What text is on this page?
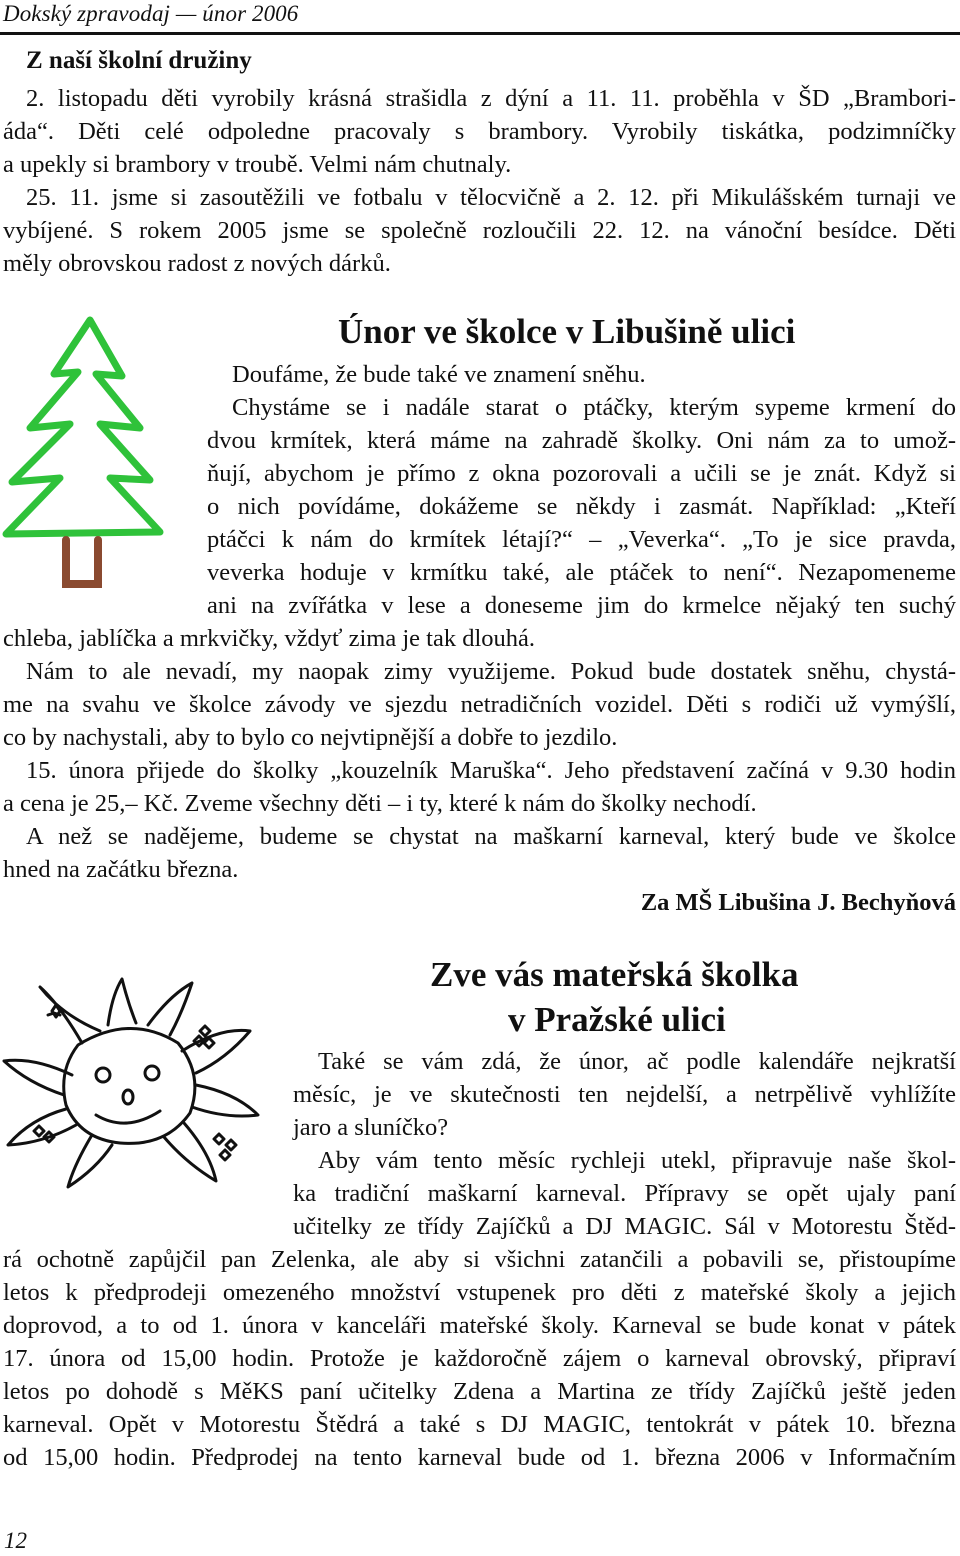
Dokský zpravodaj — únor 2006
Z naší školní družiny
2. listopadu děti vyrobily krásná strašidla z dýní a 11. 11. proběhla v ŠD „Brambori-
áda“. Děti celé odpoledne pracovaly s brambory. Vyrobily tiskátka, podzimníčky
a upekly si brambory v troubě. Velmi nám chutnaly.
25. 11. jsme si zasoutěžili ve fotbalu v tělocvičně a 2. 12. při Mikulášském turnaji ve
vybíjené. S rokem 2005 jsme se společně rozloučili 22. 12. na vánoční besídce. Děti
měly obrovskou radost z nových dárků.
Únor ve školce v Libušině ulici
Doufáme, že bude také ve znamení sněhu.
Chystáme se i nadále starat o ptáčky, kterým sypeme krmení do
dvou krmítek, která máme na zahradě školky. Oni nám za to umož-
ňují, abychom je přímo z okna pozorovali a učili se je znát. Když si
o nich povídáme, dokážeme se někdy i zasmát. Například: „Kteří
ptáčci k nám do krmítek létají?“ – „Veverka“. „To je sice pravda,
veverka hoduje v krmítku také, ale ptáček to není“. Nezapomeneme
ani na zvířátka v lese a doneseme jim do krmelce nějaký ten suchý
chleba, jablíčka a mrkvičky, vždyť zima je tak dlouhá.
Nám to ale nevadí, my naopak zimy využijeme. Pokud bude dostatek sněhu, chystá-
me na svahu ve školce závody ve sjezdu netradičních vozidel. Děti s rodiči už vymýšlí,
co by nachystali, aby to bylo co nejvtipnější a dobře to jezdilo.
15. února přijede do školky „kouzelník Maruška“. Jeho představení začíná v 9.30 hodin
a cena je 25,– Kč. Zveme všechny děti – i ty, které k nám do školky nechodí.
A než se nadějeme, budeme se chystat na maškarní karneval, který bude ve školce
hned na začátku března.
Za MŠ Libušina J. Bechyňová
Zve vás mateřská školka
v Pražské ulici
Také se vám zdá, že únor, ač podle kalendáře nejkratší
měsíc, je ve skutečnosti ten nejdelší, a netrpělivě vyhlížíte
jaro a sluníčko?
Aby vám tento měsíc rychleji utekl, připravuje naše škol-
ka tradiční maškarní karneval. Přípravy se opět ujaly paní
učitelky ze třídy Zajíčků a DJ MAGIC. Sál v Motorestu Štěd-
rá ochotně zapůjčil pan Zelenka, ale aby si všichni zatančili a pobavili se, přistoupíme
letos k předprodeji omezeného množství vstupenek pro děti z mateřské školy a jejich
doprovod, a to od 1. února v kanceláři mateřské školy. Karneval se bude konat v pátek
17. února od 15,00 hodin. Protože je každoročně zájem o karneval obrovský, připraví
letos po dohodě s MěKS paní učitelky Zdena a Martina ze třídy Zajíčků ještě jeden
karneval. Opět v Motorestu Štědrá a také s DJ MAGIC, tentokrát v pátek 10. března
od 15,00 hodin. Předprodej na tento karneval bude od 1. března 2006 v Informačním
12
